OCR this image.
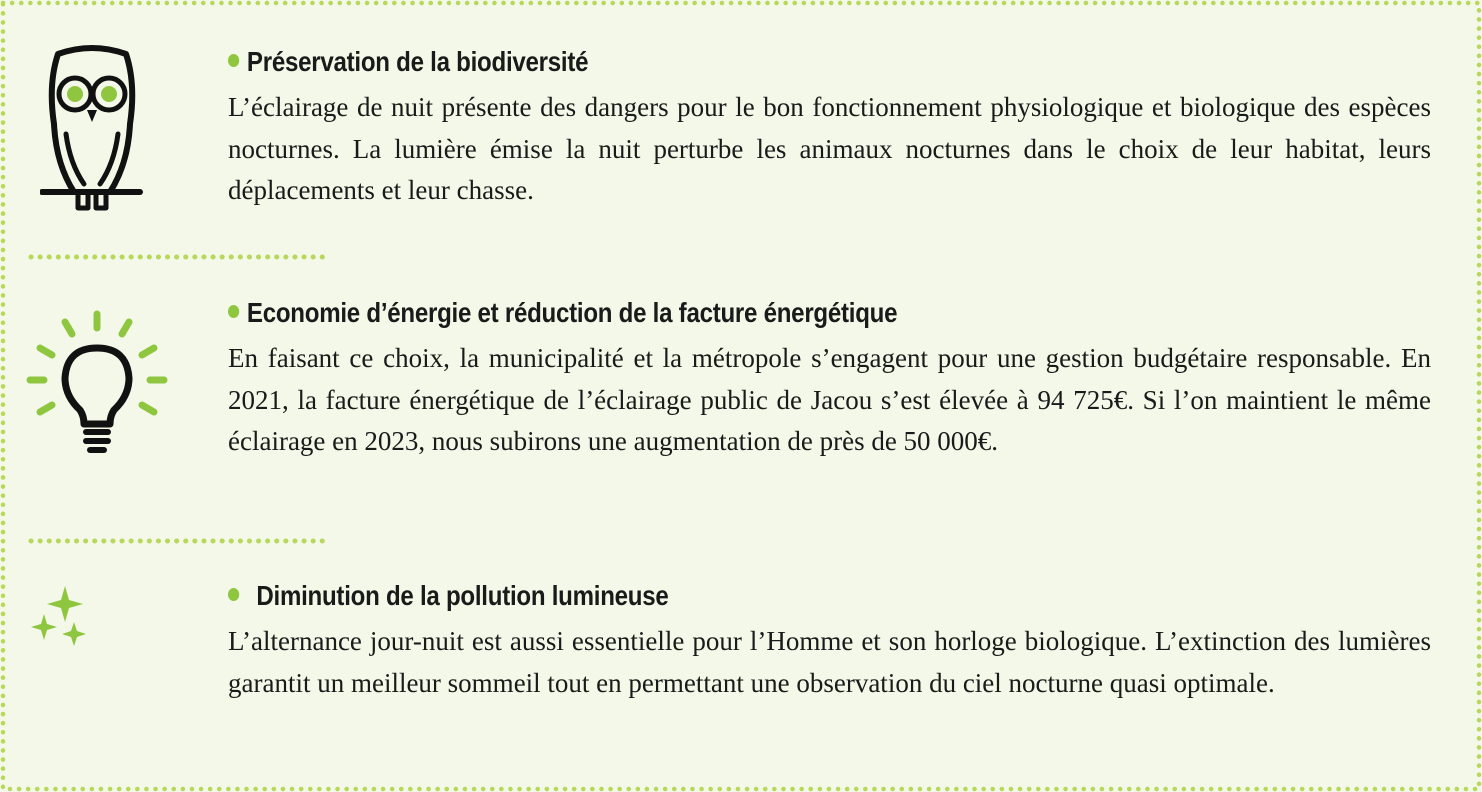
Préservation de la biodiversité
L’éclairage de nuit présente des dangers pour le bon fonctionnement physiologique et biologique des espèces nocturnes. La lumière émise la nuit perturbe les animaux nocturnes dans le choix de leur habitat, leurs déplacements et leur chasse.
Economie d’énergie et réduction de la facture énergétique
En faisant ce choix, la municipalité et la métropole s’engagent pour une gestion budgétaire responsable. En 2021, la facture énergétique de l’éclairage public de Jacou s’est élevée à 94 725€. Si l’on maintient le même éclairage en 2023, nous subirons une augmentation de près de 50 000€.
Diminution de la pollution lumineuse
L’alternance jour-nuit est aussi essentielle pour l’Homme et son horloge biologique. L’extinction des lumières garantit un meilleur sommeil tout en permettant une observation du ciel nocturne quasi optimale.
